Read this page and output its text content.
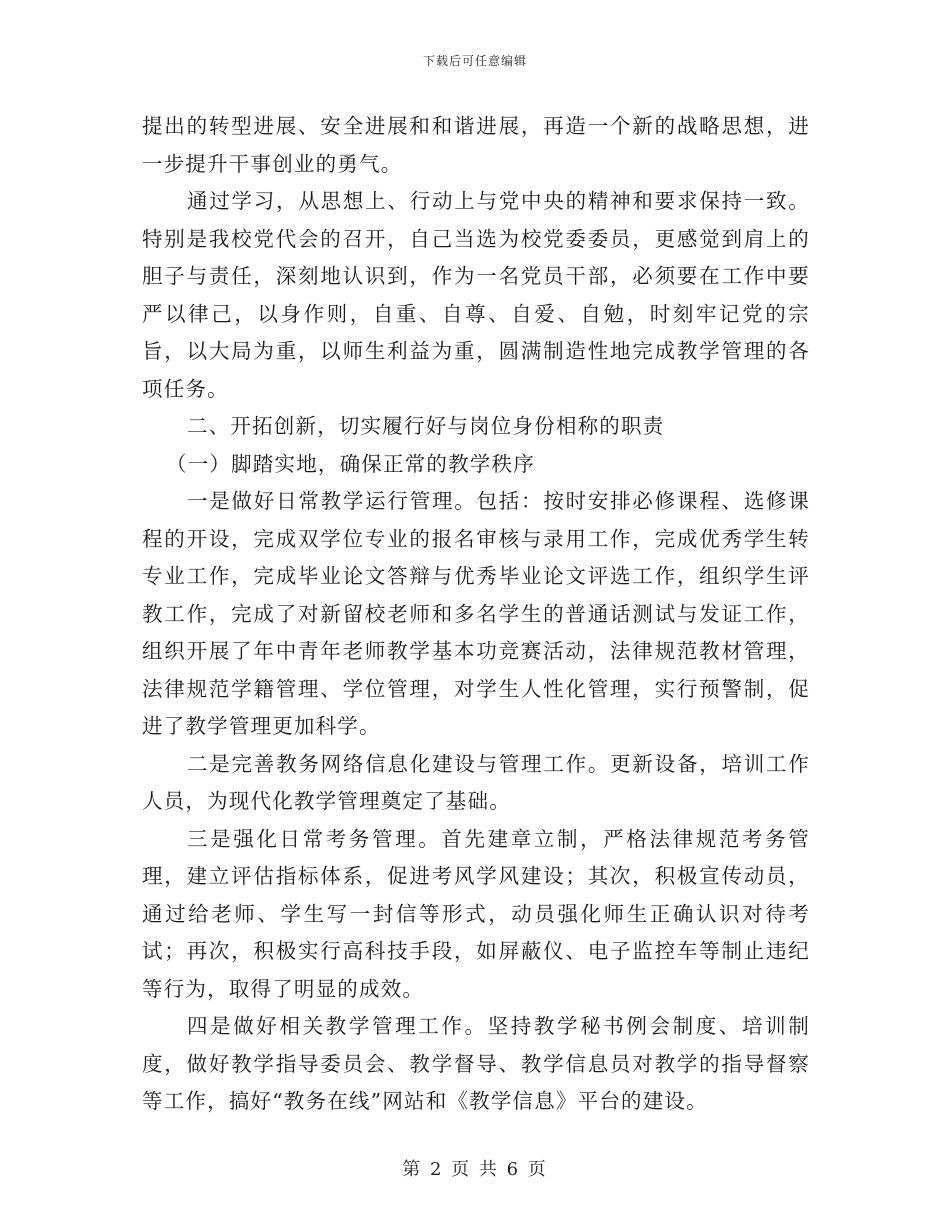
下载后可任意编辑

提出的转型进展、安全进展和和谐进展，再造一个新的战略思想，进一步提升干事创业的勇气。

通过学习，从思想上、行动上与党中央的精神和要求保持一致。特别是我校党代会的召开，自己当选为校党委委员，更感觉到肩上的胆子与责任，深刻地认识到，作为一名党员干部，必须要在工作中要严以律己，以身作则，自重、自尊、自爱、自勉，时刻牢记党的宗旨，以大局为重，以师生利益为重，圆满制造性地完成教学管理的各项任务。

二、开拓创新，切实履行好与岗位身份相称的职责

（一）脚踏实地，确保正常的教学秩序

一是做好日常教学运行管理。包括：按时安排必修课程、选修课程的开设，完成双学位专业的报名审核与录用工作，完成优秀学生转专业工作，完成毕业论文答辩与优秀毕业论文评选工作，组织学生评教工作，完成了对新留校老师和多名学生的普通话测试与发证工作，组织开展了年中青年老师教学基本功竞赛活动，法律规范教材管理，法律规范学籍管理、学位管理，对学生人性化管理，实行预警制，促进了教学管理更加科学。

二是完善教务网络信息化建设与管理工作。更新设备，培训工作人员，为现代化教学管理奠定了基础。

三是强化日常考务管理。首先建章立制，严格法律规范考务管理，建立评估指标体系，促进考风学风建设；其次，积极宣传动员，通过给老师、学生写一封信等形式，动员强化师生正确认识对待考试；再次，积极实行高科技手段，如屏蔽仪、电子监控车等制止违纪等行为，取得了明显的成效。

四是做好相关教学管理工作。坚持教学秘书例会制度、培训制度，做好教学指导委员会、教学督导、教学信息员对教学的指导督察等工作，搞好“教务在线”网站和《教学信息》平台的建设。

第 2 页 共 6 页
